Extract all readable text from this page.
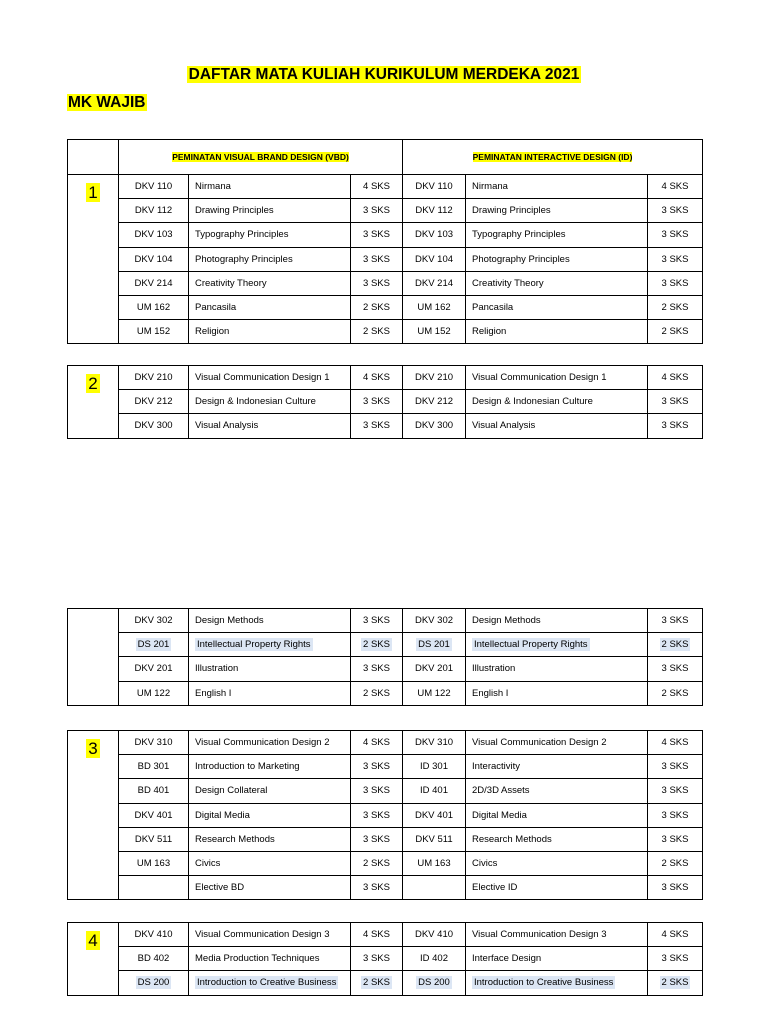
DAFTAR MATA KULIAH KURIKULUM MERDEKA 2021
MK WAJIB
	PEMINATAN VISUAL BRAND DESIGN (VBD)			PEMINATAN INTERACTIVE DESIGN (ID)		
1	DKV 110	Nirmana	4 SKS	DKV 110	Nirmana	4 SKS
	DKV 112	Drawing Principles	3 SKS	DKV 112	Drawing Principles	3 SKS
	DKV 103	Typography Principles	3 SKS	DKV 103	Typography Principles	3 SKS
	DKV 104	Photography Principles	3 SKS	DKV 104	Photography Principles	3 SKS
	DKV 214	Creativity Theory	3 SKS	DKV 214	Creativity Theory	3 SKS
	UM 162	Pancasila	2 SKS	UM 162	Pancasila	2 SKS
	UM 152	Religion	2 SKS	UM 152	Religion	2 SKS
2	DKV 210	Visual Communication Design 1	4 SKS	DKV 210	Visual Communication Design 1	4 SKS
	DKV 212	Design & Indonesian Culture	3 SKS	DKV 212	Design & Indonesian Culture	3 SKS
	DKV 300	Visual Analysis	3 SKS	DKV 300	Visual Analysis	3 SKS
	DKV 302	Design Methods	3 SKS	DKV 302	Design Methods	3 SKS
	DS 201	Intellectual Property Rights	2 SKS	DS 201	Intellectual Property Rights	2 SKS
	DKV 201	Illustration	3 SKS	DKV 201	Illustration	3 SKS
	UM 122	English I	2 SKS	UM 122	English I	2 SKS
3	DKV 310	Visual Communication Design 2	4 SKS	DKV 310	Visual Communication Design 2	4 SKS
	BD 301	Introduction to Marketing	3 SKS	ID 301	Interactivity	3 SKS
	BD 401	Design Collateral	3 SKS	ID 401	2D/3D Assets	3 SKS
	DKV 401	Digital Media	3 SKS	DKV 401	Digital Media	3 SKS
	DKV 511	Research Methods	3 SKS	DKV 511	Research Methods	3 SKS
	UM 163	Civics	2 SKS	UM 163	Civics	2 SKS
		Elective BD	3 SKS		Elective ID	3 SKS
4	DKV 410	Visual Communication Design 3	4 SKS	DKV 410	Visual Communication Design 3	4 SKS
	BD 402	Media Production Techniques	3 SKS	ID 402	Interface Design	3 SKS
	DS 200	Introduction to Creative Business	2 SKS	DS 200	Introduction to Creative Business	2 SKS
